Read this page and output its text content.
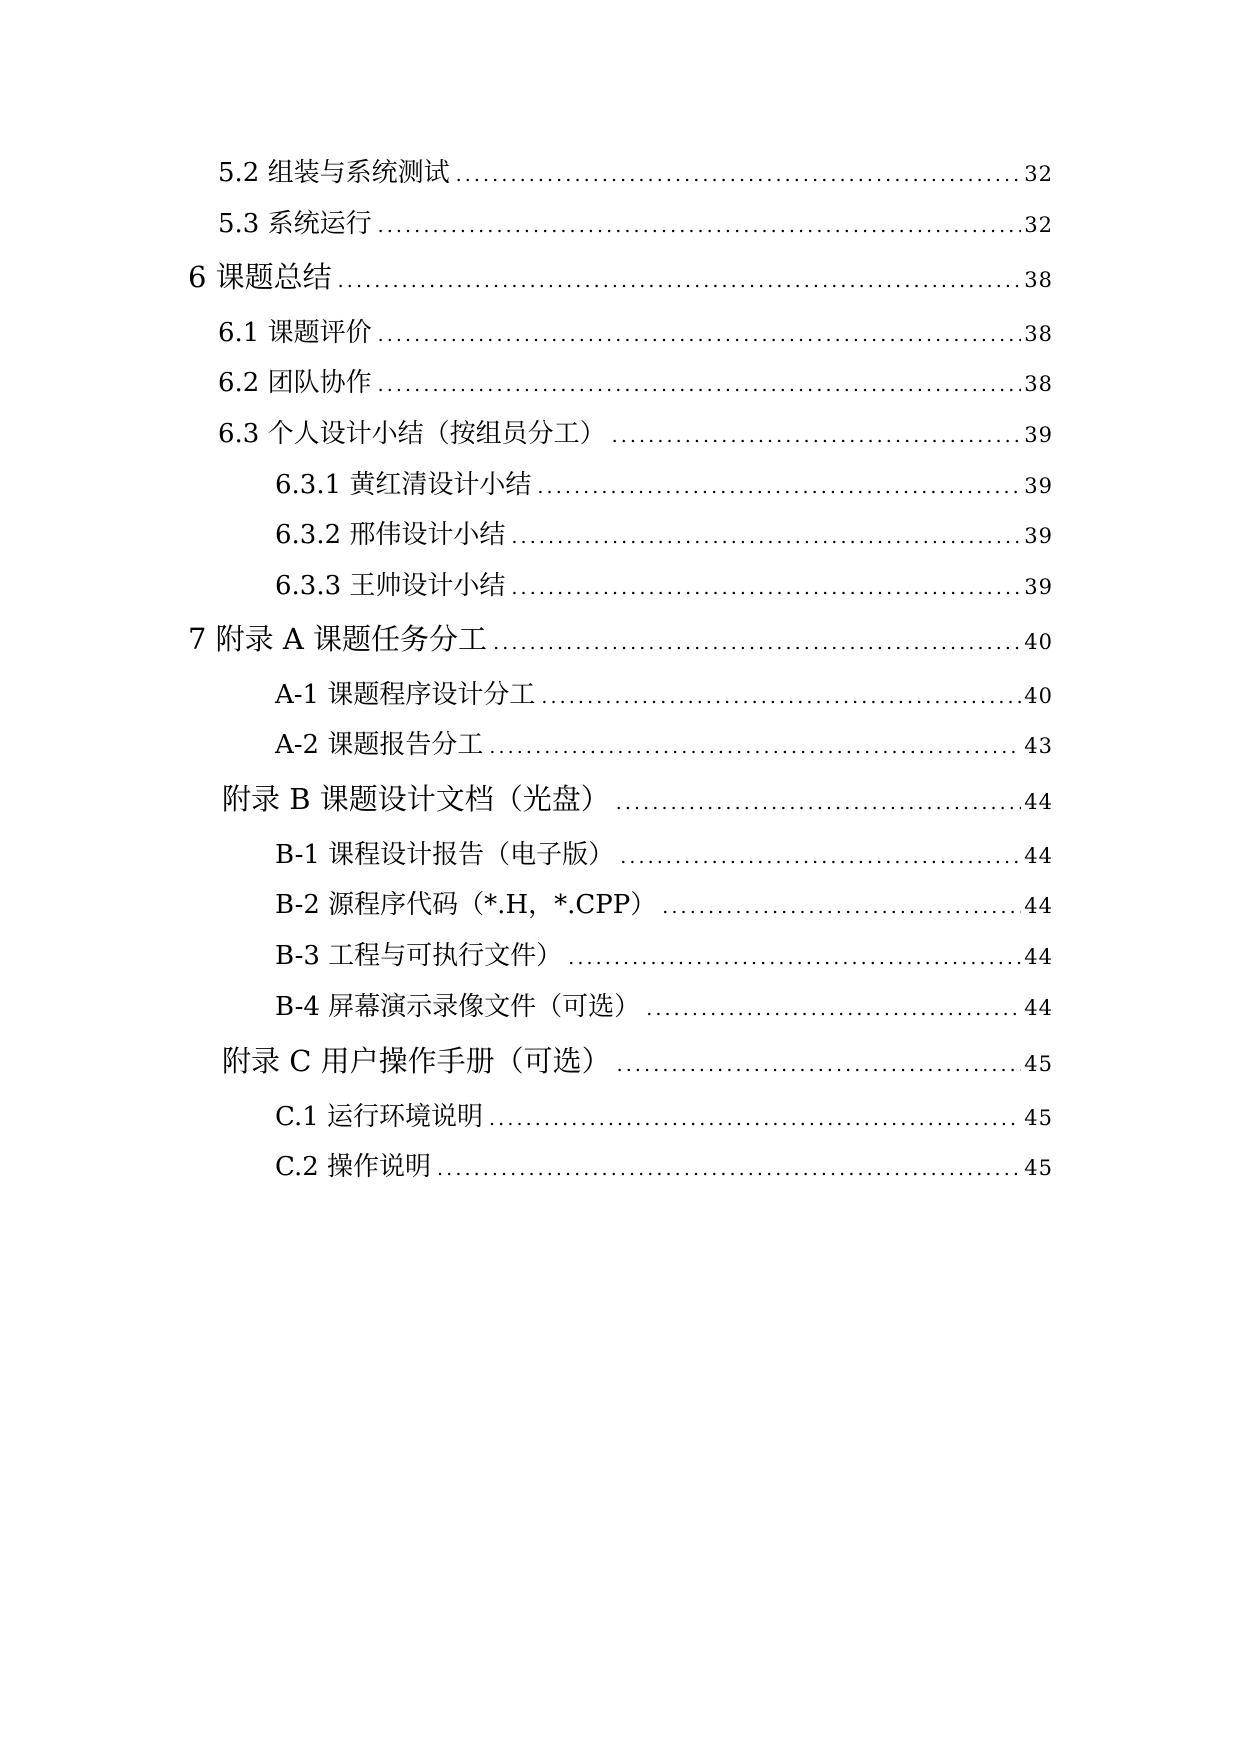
5.2 组装与系统测试 .....	32
5.3 系统运行 .....	32
6 课题总结 .....	38
6.1 课题评价 .....	38
6.2 团队协作 .....	38
6.3 个人设计小结（按组员分工） .....	39
6.3.1 黄红清设计小结 .....	39
6.3.2 邢伟设计小结 .....	39
6.3.3 王帅设计小结 .....	39
7 附录 A 课题任务分工 .....	40
A-1 课题程序设计分工 .....	40
A-2 课题报告分工 .....	43
附录 B 课题设计文档（光盘） .....	44
B-1 课程设计报告（电子版） .....	44
B-2 源程序代码（*.H，*.CPP） .....	44
B-3 工程与可执行文件） .....	44
B-4 屏幕演示录像文件（可选） .....	44
附录 C 用户操作手册（可选） .....	45
C.1 运行环境说明 .....	45
C.2 操作说明 .....	45
